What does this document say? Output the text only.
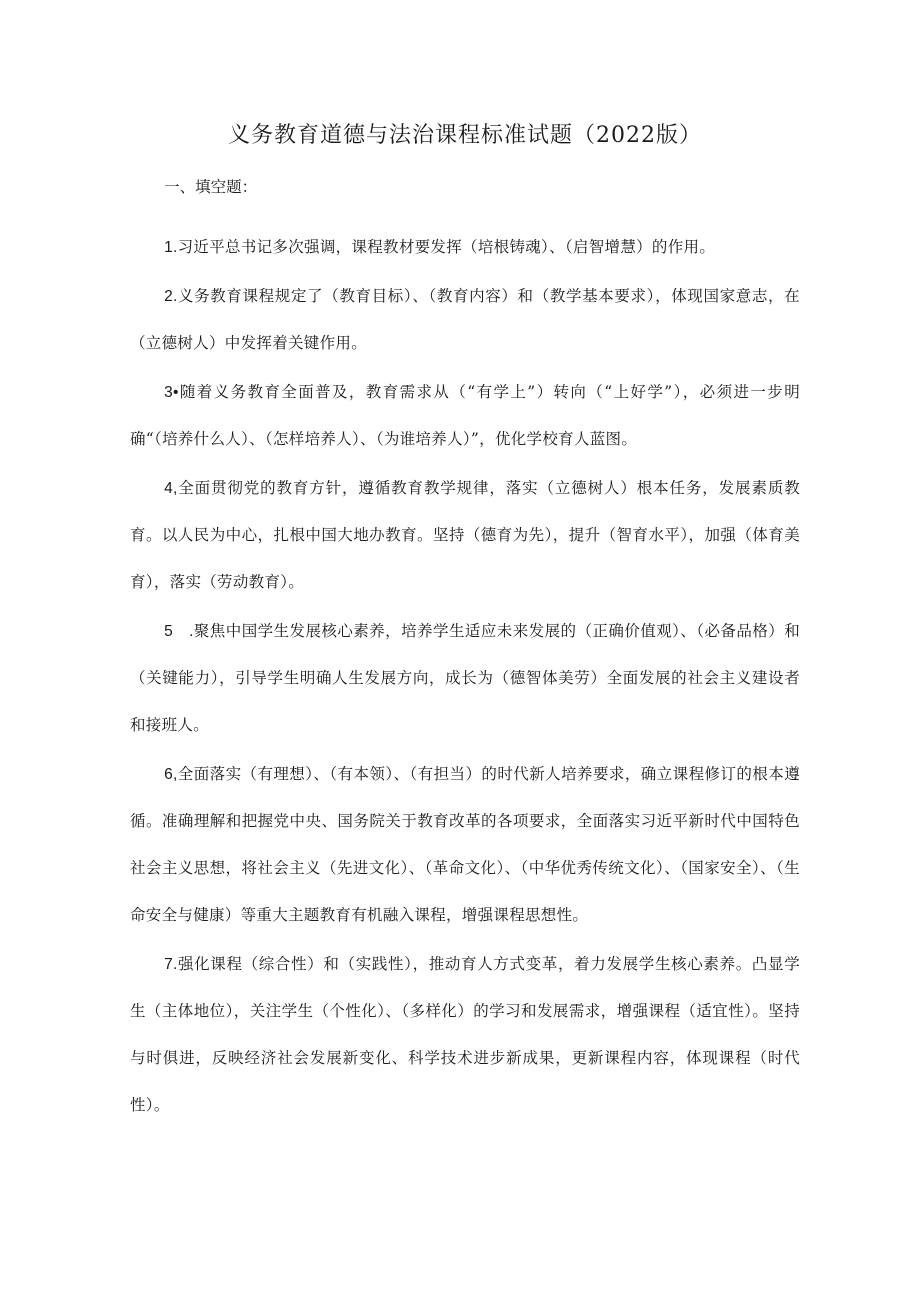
义务教育道德与法治课程标准试题（2022版）

一、填空题：

1.习近平总书记多次强调，课程教材要发挥（培根铸魂）、（启智增慧）的作用。

2.义务教育课程规定了（教育目标）、（教育内容）和（教学基本要求），体现国家意志，在（立德树人）中发挥着关键作用。

3•随着义务教育全面普及，教育需求从（“有学上”）转向（“上好学”），必须进一步明确“（培养什么人）、（怎样培养人）、（为谁培养人）”，优化学校育人蓝图。

4,全面贯彻党的教育方针，遵循教育教学规律，落实（立德树人）根本任务，发展素质教育。以人民为中心，扎根中国大地办教育。坚持（德育为先），提升（智育水平），加强（体育美育），落实（劳动教育）。

5　.聚焦中国学生发展核心素养，培养学生适应未来发展的（正确价值观）、（必备品格）和（关键能力），引导学生明确人生发展方向，成长为（德智体美劳）全面发展的社会主义建设者和接班人。

6,全面落实（有理想）、（有本领）、（有担当）的时代新人培养要求，确立课程修订的根本遵循。准确理解和把握党中央、国务院关于教育改革的各项要求，全面落实习近平新时代中国特色社会主义思想，将社会主义（先进文化）、（革命文化）、（中华优秀传统文化）、（国家安全）、（生命安全与健康）等重大主题教育有机融入课程，增强课程思想性。

7.强化课程（综合性）和（实践性），推动育人方式变革，着力发展学生核心素养。凸显学生（主体地位），关注学生（个性化）、（多样化）的学习和发展需求，增强课程（适宜性）。坚持与时俱进，反映经济社会发展新变化、科学技术进步新成果，更新课程内容，体现课程（时代性）。
